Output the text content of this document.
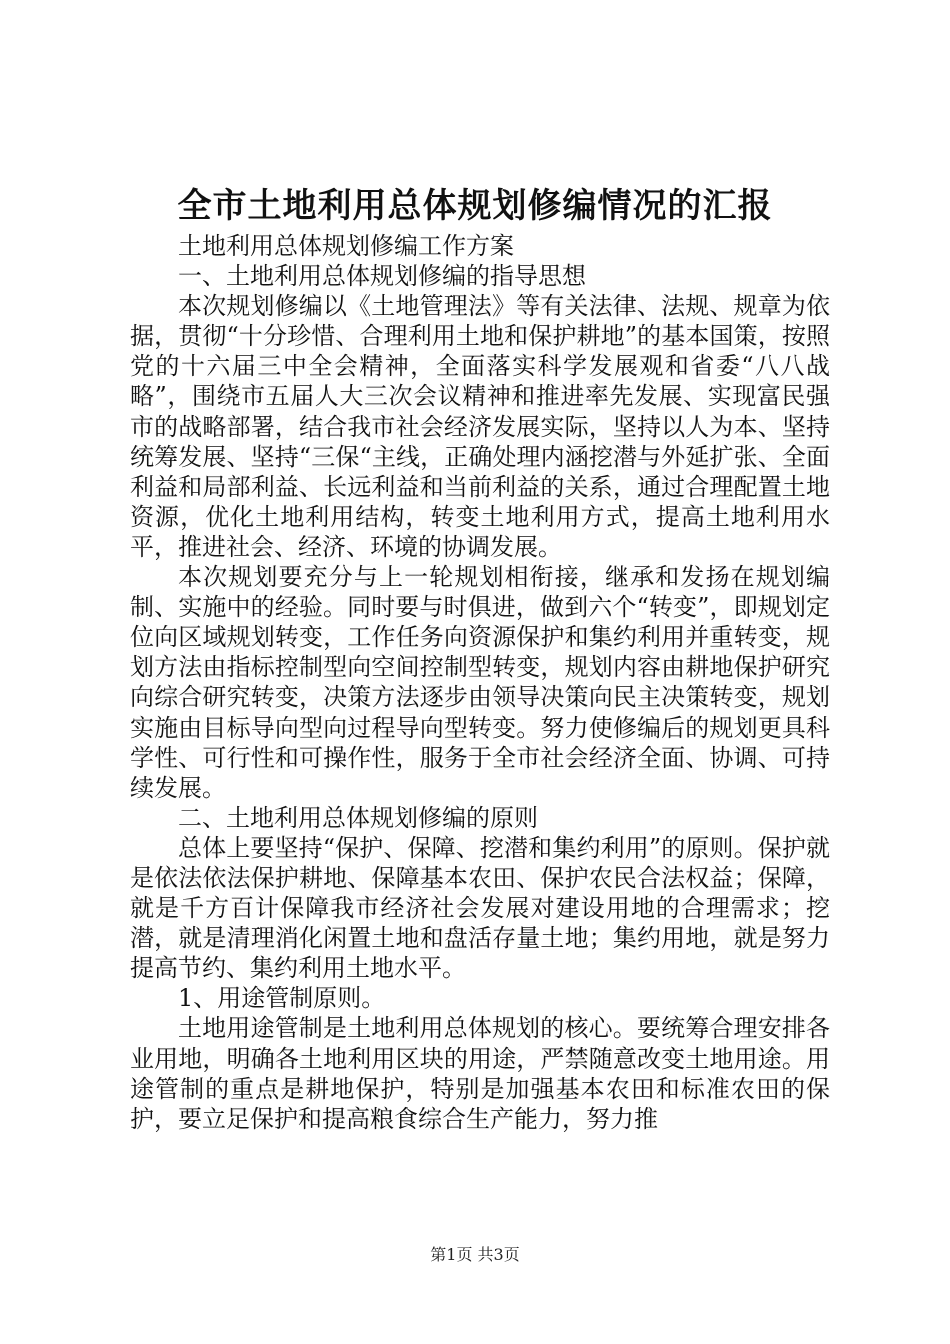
全市土地利用总体规划修编情况的汇报

土地利用总体规划修编工作方案

一、土地利用总体规划修编的指导思想

本次规划修编以《土地管理法》等有关法律、法规、规章为依据，贯彻“十分珍惜、合理利用土地和保护耕地”的基本国策，按照党的十六届三中全会精神，全面落实科学发展观和省委“八八战略”，围绕市五届人大三次会议精神和推进率先发展、实现富民强市的战略部署，结合我市社会经济发展实际，坚持以人为本、坚持统筹发展、坚持“三保“主线，正确处理内涵挖潜与外延扩张、全面利益和局部利益、长远利益和当前利益的关系，通过合理配置土地资源，优化土地利用结构，转变土地利用方式，提高土地利用水平，推进社会、经济、环境的协调发展。

本次规划要充分与上一轮规划相衔接，继承和发扬在规划编制、实施中的经验。同时要与时俱进，做到六个“转变”，即规划定位向区域规划转变，工作任务向资源保护和集约利用并重转变，规划方法由指标控制型向空间控制型转变，规划内容由耕地保护研究向综合研究转变，决策方法逐步由领导决策向民主决策转变，规划实施由目标导向型向过程导向型转变。努力使修编后的规划更具科学性、可行性和可操作性，服务于全市社会经济全面、协调、可持续发展。

二、土地利用总体规划修编的原则

总体上要坚持“保护、保障、挖潜和集约利用”的原则。保护就是依法依法保护耕地、保障基本农田、保护农民合法权益；保障，就是千方百计保障我市经济社会发展对建设用地的合理需求；挖潜，就是清理消化闲置土地和盘活存量土地；集约用地，就是努力提高节约、集约利用土地水平。

1、用途管制原则。

土地用途管制是土地利用总体规划的核心。要统筹合理安排各业用地，明确各土地利用区块的用途，严禁随意改变土地用途。用途管制的重点是耕地保护，特别是加强基本农田和标准农田的保护，要立足保护和提高粮食综合生产能力，努力推

第1页 共3页
